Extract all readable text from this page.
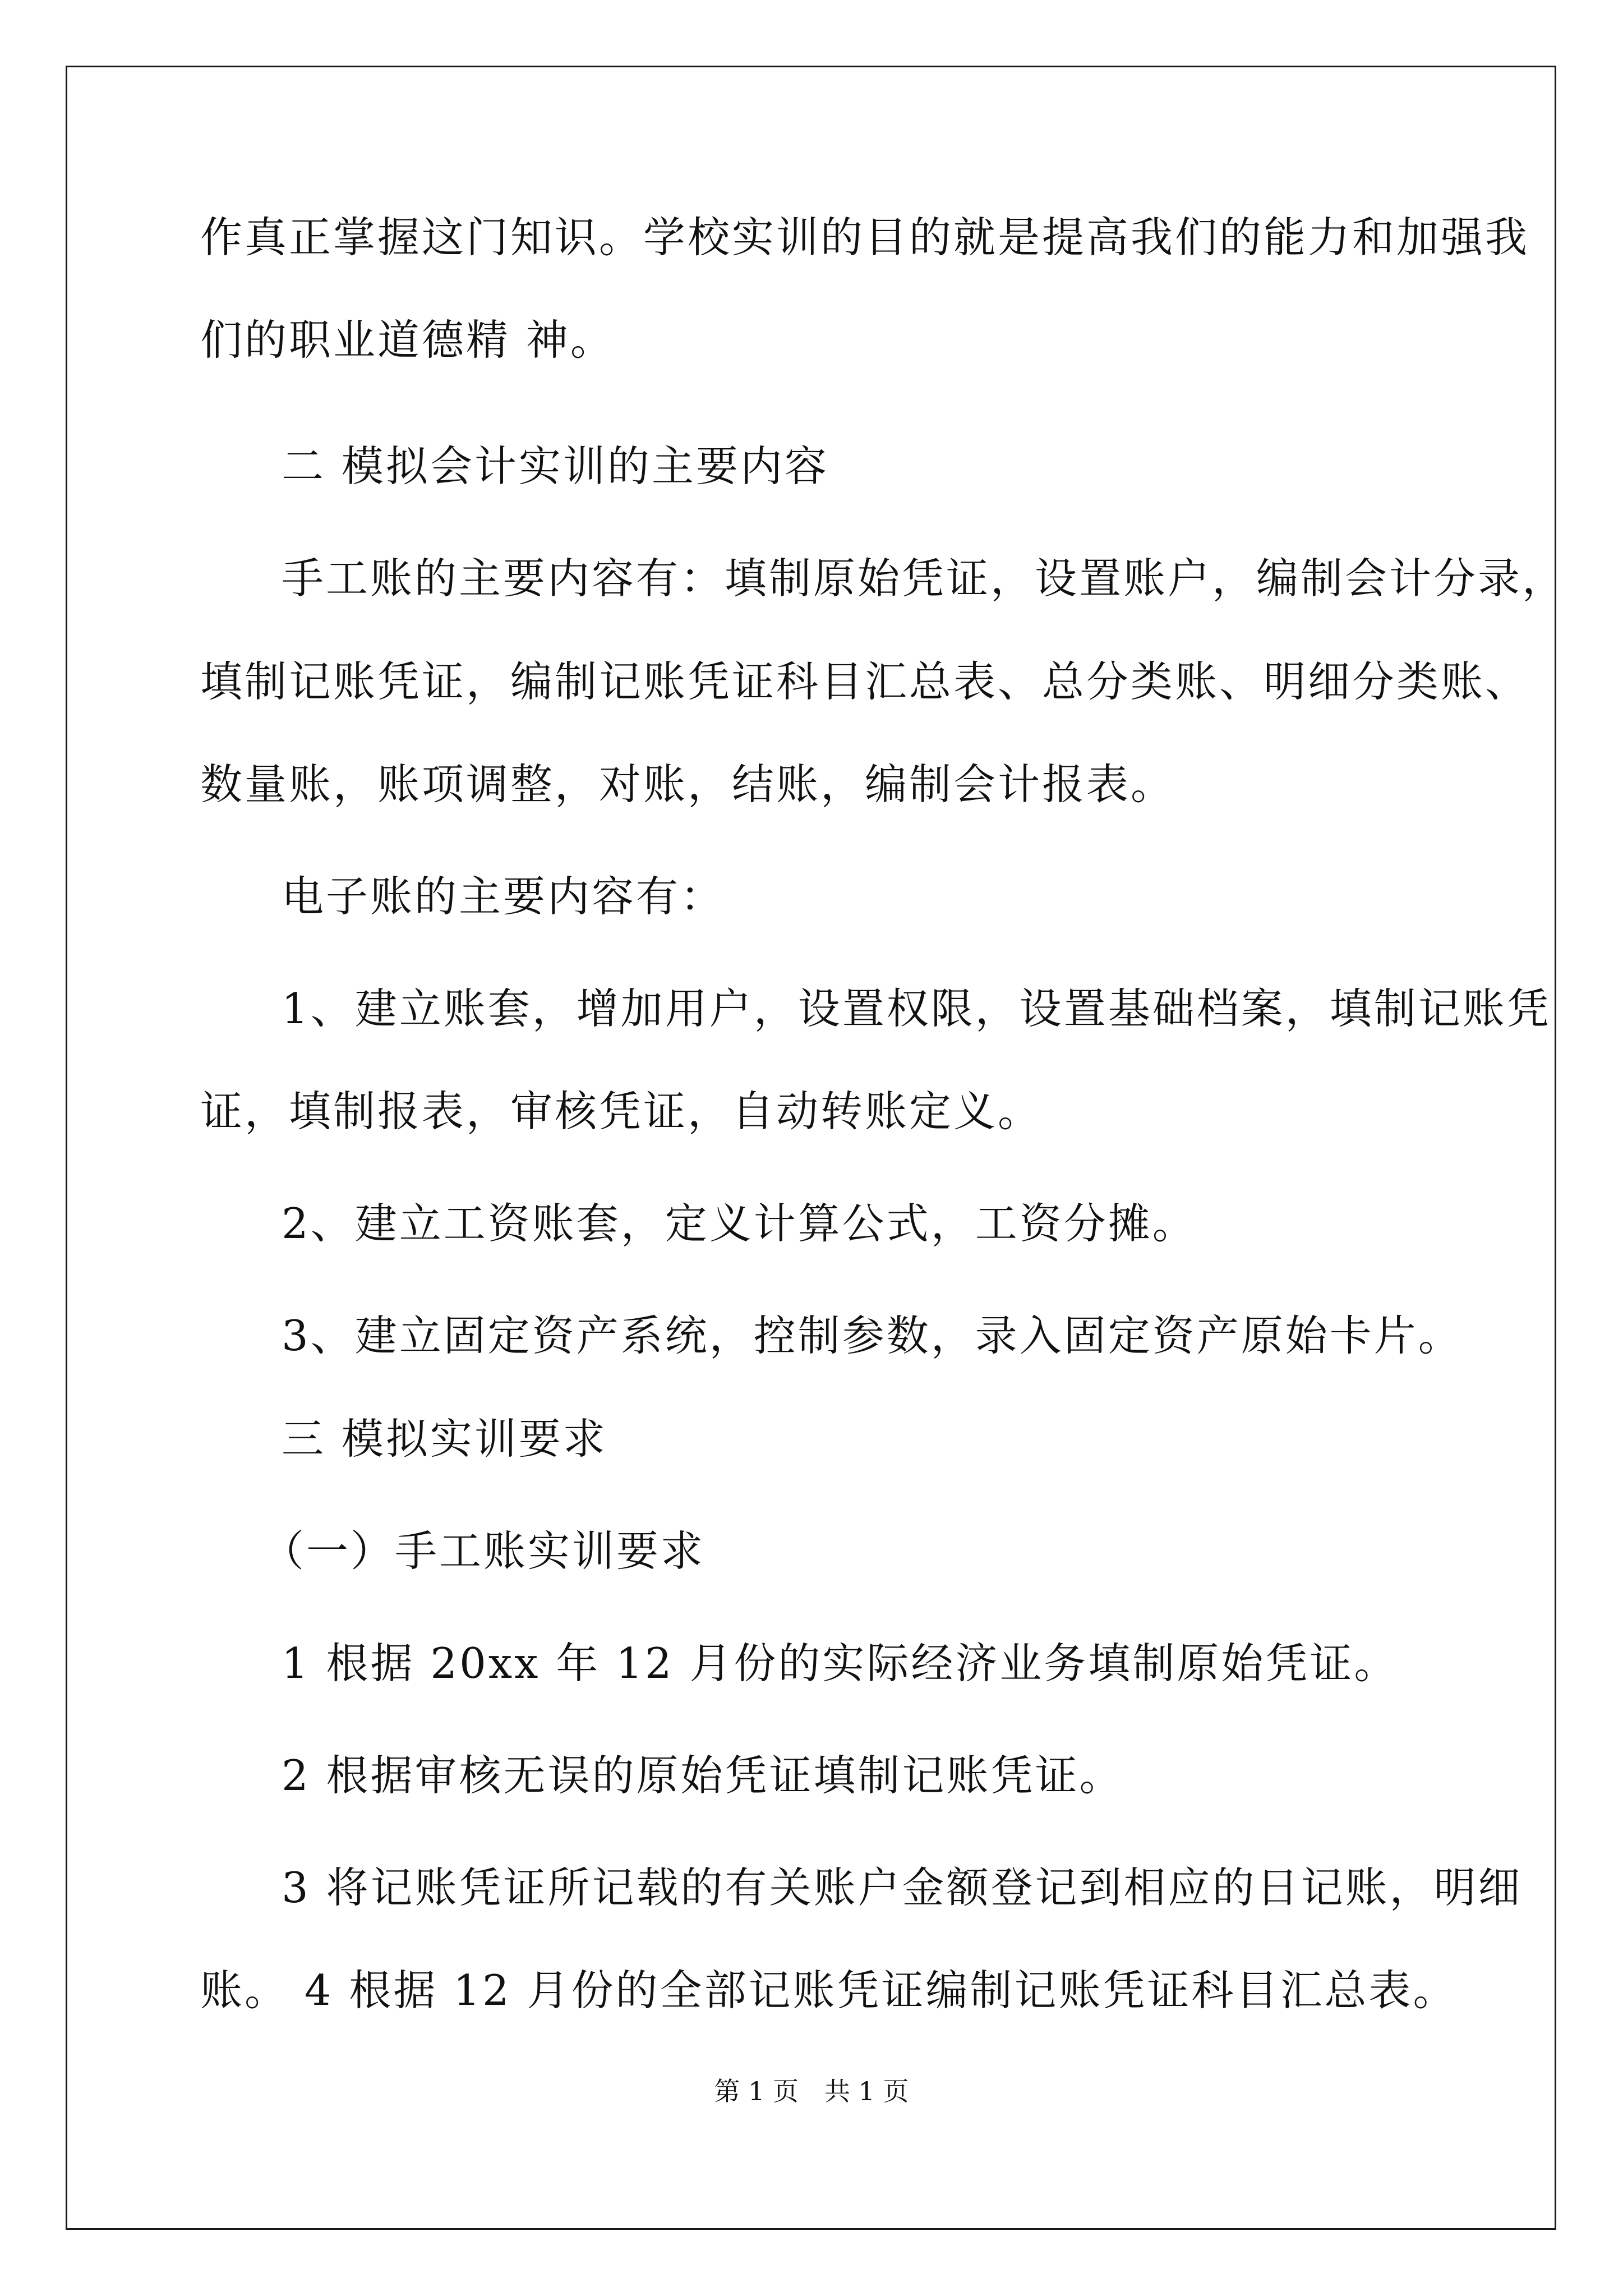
作真正掌握这门知识。学校实训的目的就是提高我们的能力和加强我
们的职业道德精 神。
二 模拟会计实训的主要内容
手工账的主要内容有：填制原始凭证，设置账户，编制会计分录，
填制记账凭证，编制记账凭证科目汇总表、总分类账、明细分类账、
数量账，账项调整，对账，结账，编制会计报表。
电子账的主要内容有：
1、建立账套，增加用户，设置权限，设置基础档案，填制记账凭
证，填制报表，审核凭证，自动转账定义。
2、建立工资账套，定义计算公式，工资分摊。
3、建立固定资产系统，控制参数，录入固定资产原始卡片。
三 模拟实训要求
（一）手工账实训要求
1 根据 20xx 年 12 月份的实际经济业务填制原始凭证。
2 根据审核无误的原始凭证填制记账凭证。
3 将记账凭证所记载的有关账户金额登记到相应的日记账，明细
账。 4 根据 12 月份的全部记账凭证编制记账凭证科目汇总表。
第 1 页　共 1 页
